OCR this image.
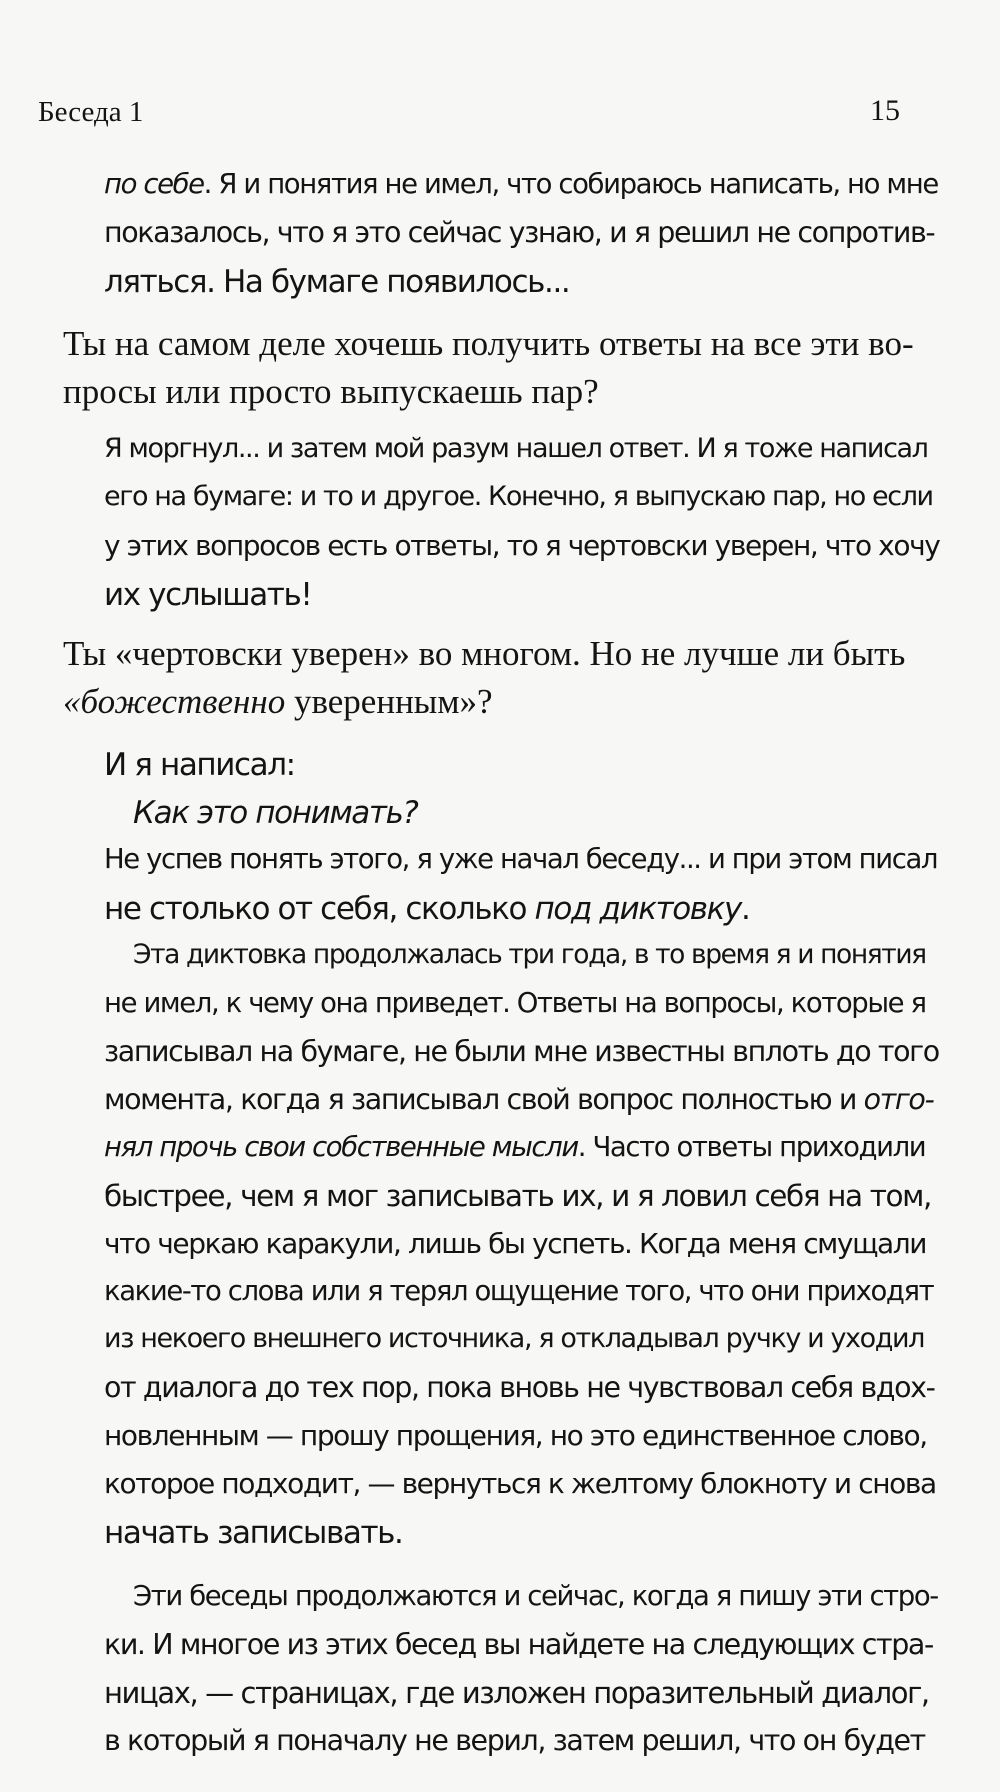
Беседа 1	15
по себе. Я и понятия не имел, что собираюсь написать, но мне
показалось, что я это сейчас узнаю, и я решил не сопротив-
ляться. На бумаге появилось...
Ты на самом деле хочешь получить ответы на все эти во-
просы или просто выпускаешь пар?
Я моргнул... и затем мой разум нашел ответ. И я тоже написал
его на бумаге: и то и другое. Конечно, я выпускаю пар, но если
у этих вопросов есть ответы, то я чертовски уверен, что хочу
их услышать!
Ты «чертовски уверен» во многом. Но не лучше ли быть
«божественно уверенным»?
И я написал:
Как это понимать?
Не успев понять этого, я уже начал беседу... и при этом писал
не столько от себя, сколько под диктовку.
Эта диктовка продолжалась три года, в то время я и понятия
не имел, к чему она приведет. Ответы на вопросы, которые я
записывал на бумаге, не были мне известны вплоть до того
момента, когда я записывал свой вопрос полностью и отго-
нял прочь свои собственные мысли. Часто ответы приходили
быстрее, чем я мог записывать их, и я ловил себя на том,
что черкаю каракули, лишь бы успеть. Когда меня смущали
какие-то слова или я терял ощущение того, что они приходят
из некоего внешнего источника, я откладывал ручку и уходил
от диалога до тех пор, пока вновь не чувствовал себя вдох-
новленным — прошу прощения, но это единственное слово,
которое подходит, — вернуться к желтому блокноту и снова
начать записывать.
Эти беседы продолжаются и сейчас, когда я пишу эти стро-
ки. И многое из этих бесед вы найдете на следующих стра-
ницах, — страницах, где изложен поразительный диалог,
в который я поначалу не верил, затем решил, что он будет
